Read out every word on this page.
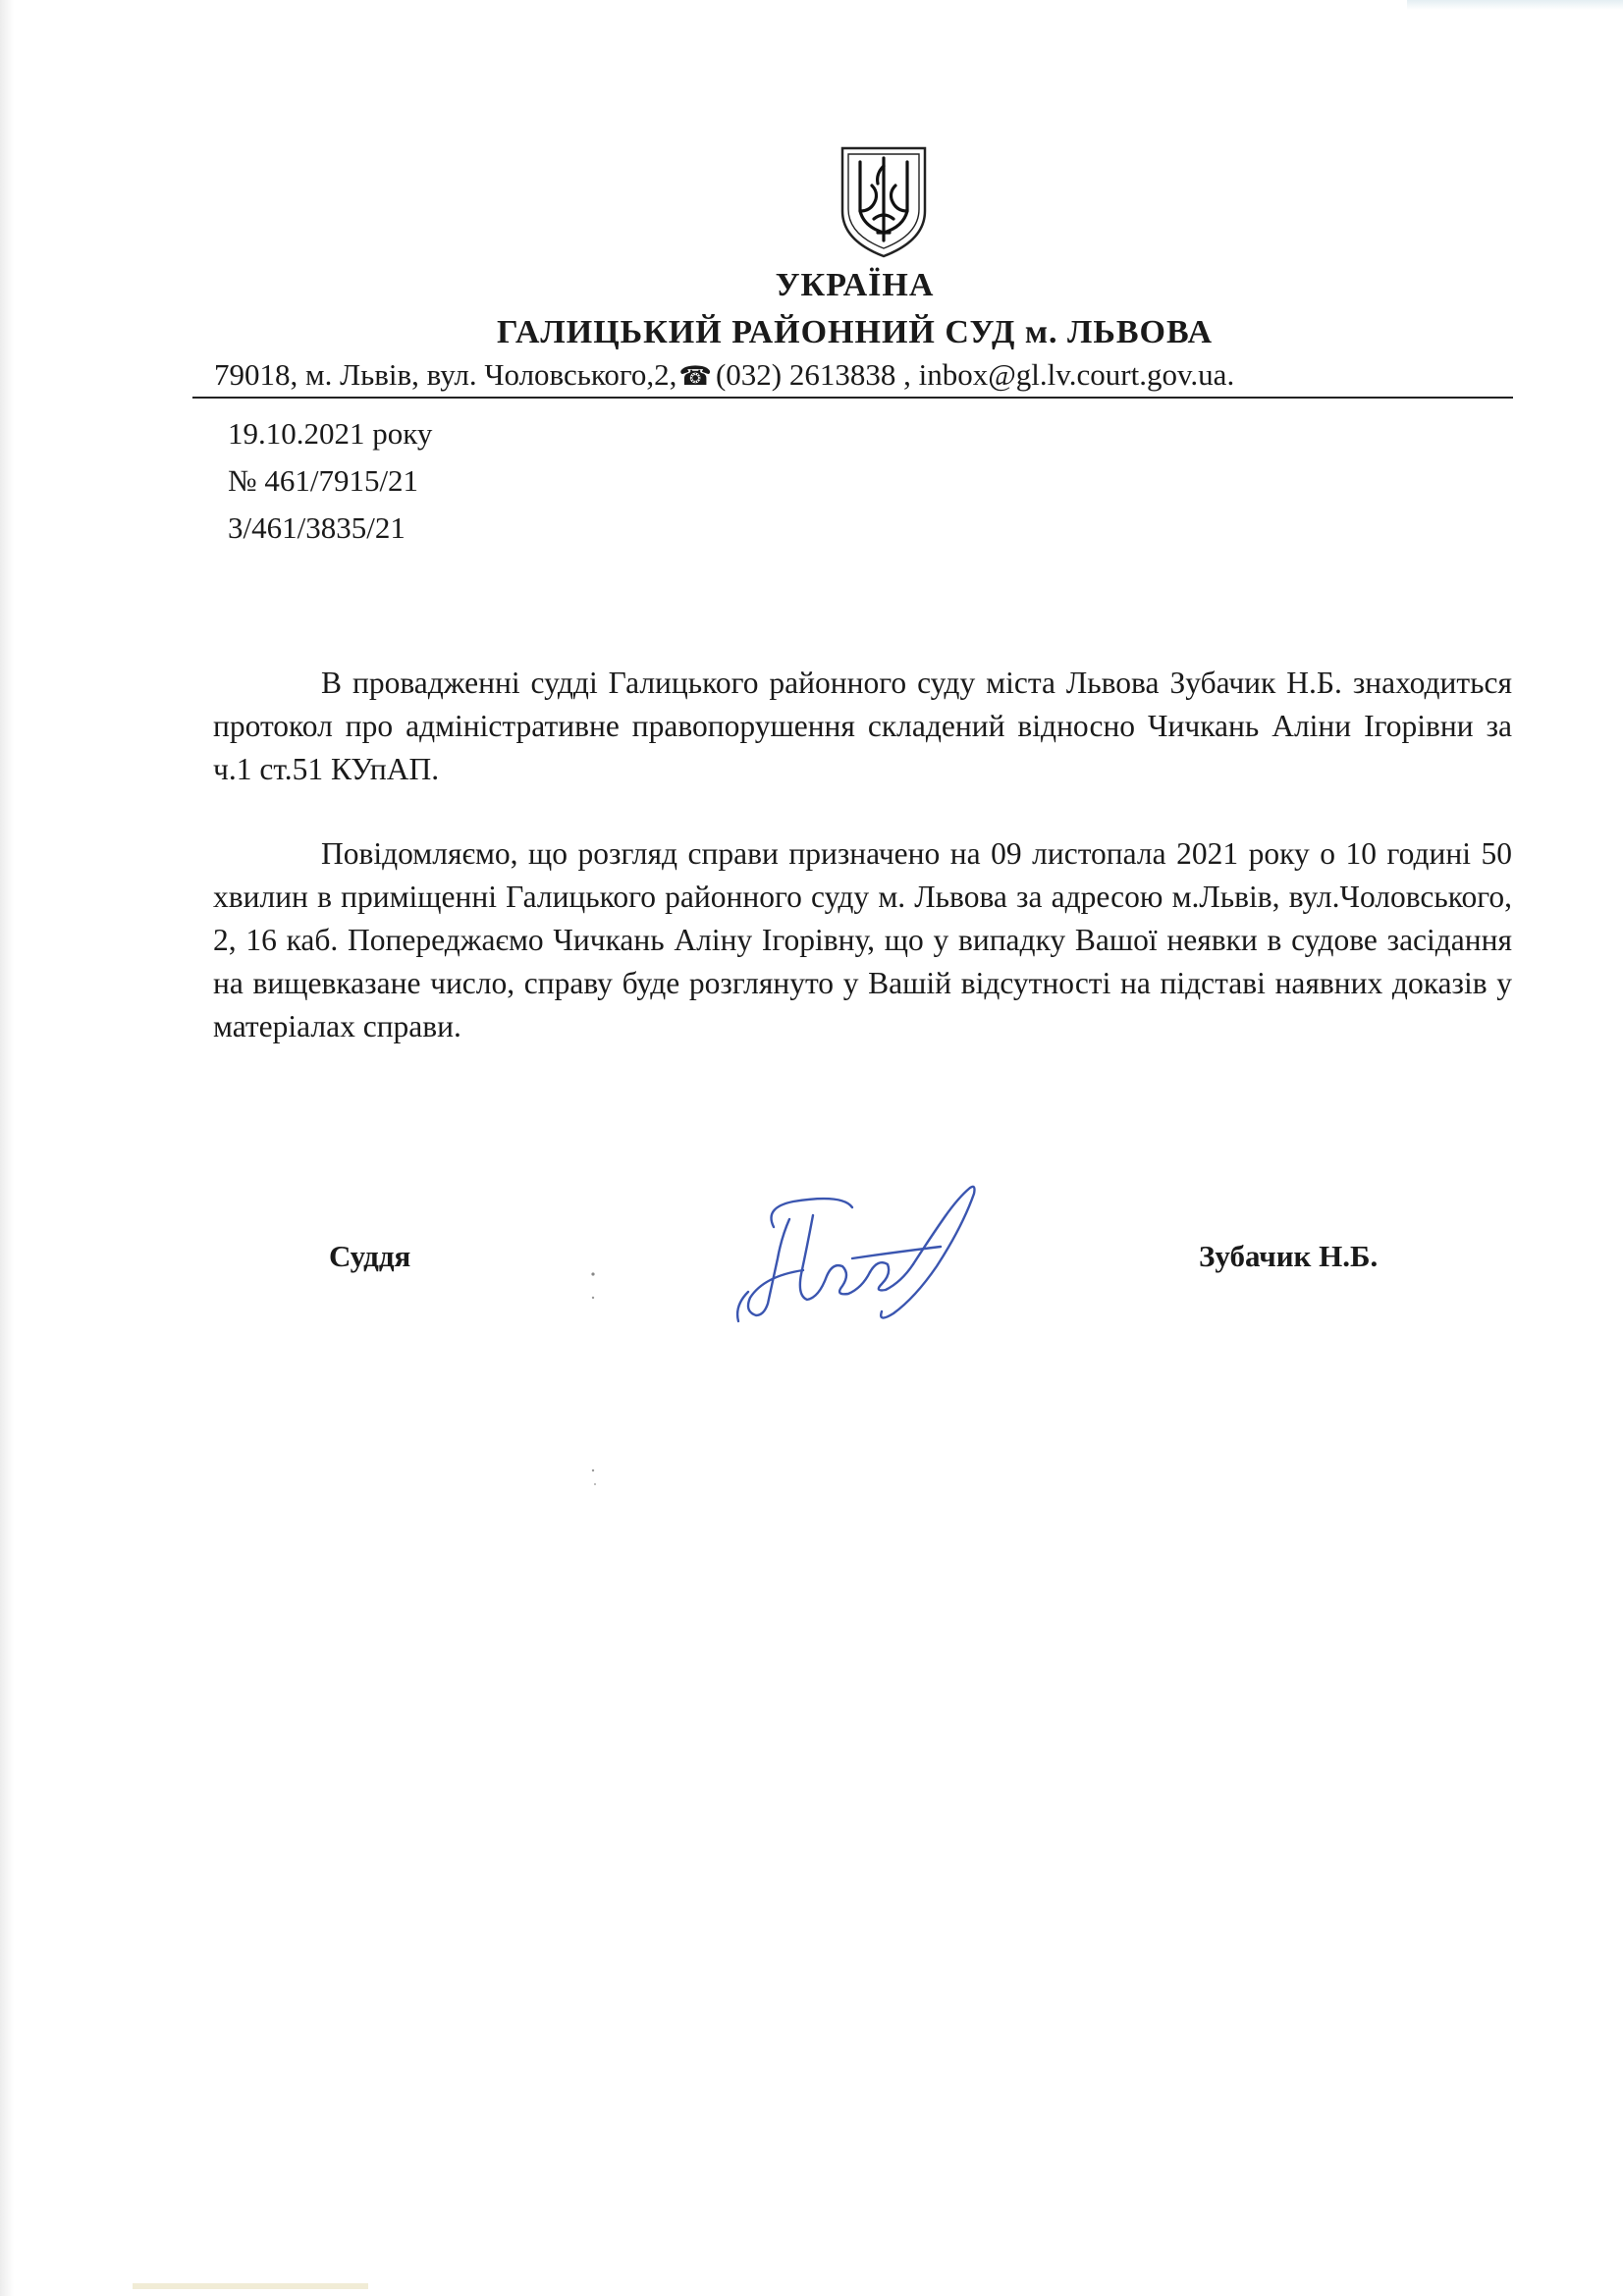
УКРАЇНА
ГАЛИЦЬКИЙ РАЙОННИЙ СУД м. ЛЬВОВА
79018, м. Львів, вул. Чоловського,2,☎ (032) 2613838 , inbox@gl.lv.court.gov.ua.
19.10.2021 року
№ 461/7915/21
3/461/3835/21

В провадженні судді Галицького районного суду міста Львова Зубачик Н.Б. знаходиться протокол про адміністративне правопорушення складений відносно Чичкань Аліни Ігорівни за ч.1 ст.51 КУпАП.

Повідомляємо, що розгляд справи призначено на 09 листопала 2021 року о 10 годині 50 хвилин в приміщенні Галицького районного суду м. Львова за адресою м.Львів, вул.Чоловського, 2, 16 каб. Попереджаємо Чичкань Аліну Ігорівну, що у випадку Вашої неявки в судове засідання на вищевказане число, справу буде розглянуто у Вашій відсутності на підставі наявних доказів у матеріалах справи.

Суддя	Зубачик Н.Б.
